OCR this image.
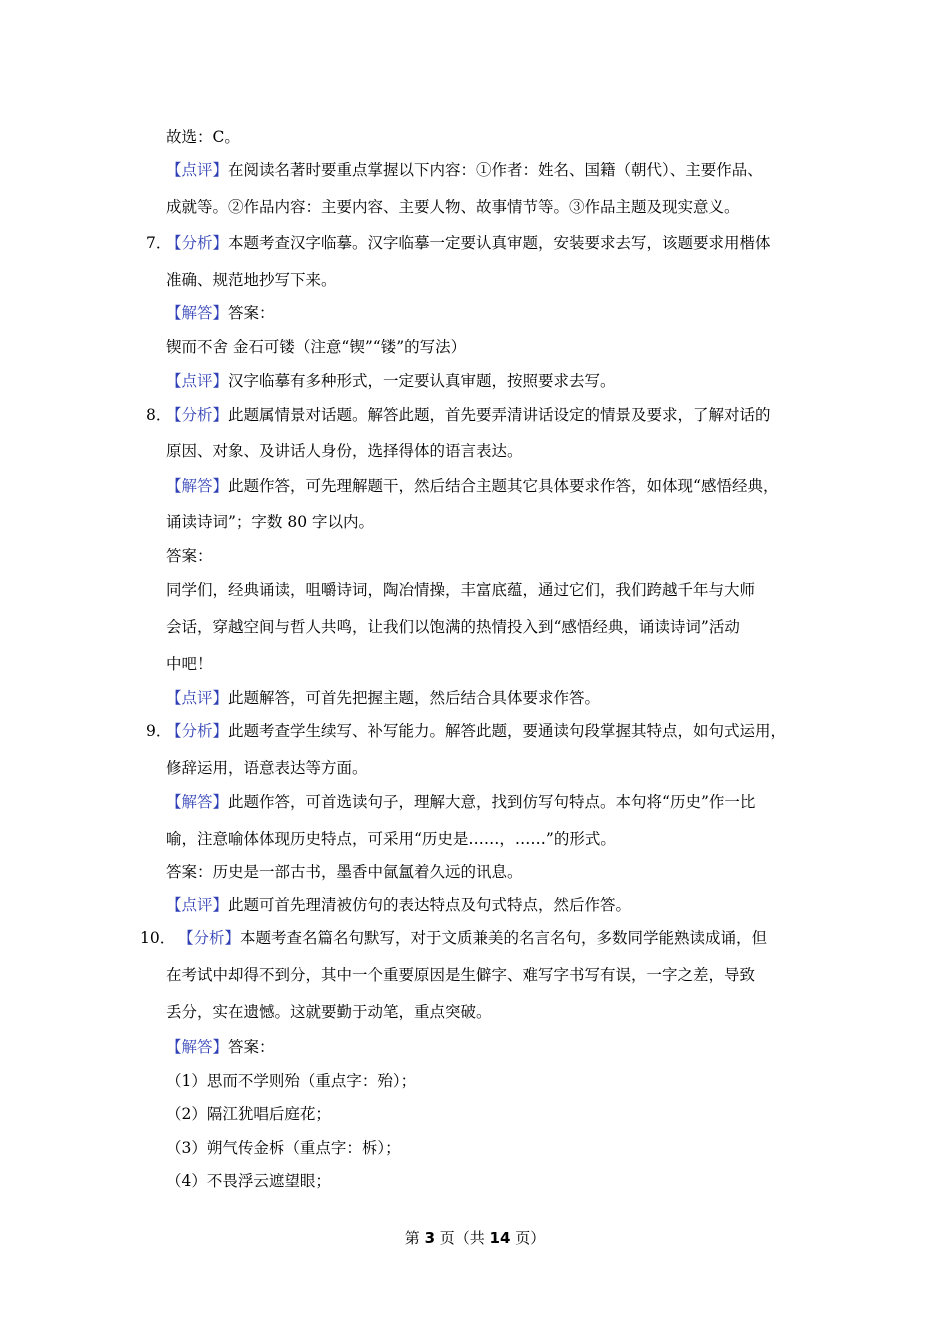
故选：C。
【点评】在阅读名著时要重点掌握以下内容：①作者：姓名、国籍（朝代）、主要作品、
成就等。②作品内容：主要内容、主要人物、故事情节等。③作品主题及现实意义。
7．
【分析】本题考查汉字临摹。汉字临摹一定要认真审题，安装要求去写，该题要求用楷体
准确、规范地抄写下来。
【解答】答案：
锲而不舍 金石可镂（注意“锲”“镂”的写法）
【点评】汉字临摹有多种形式，一定要认真审题，按照要求去写。
8．
【分析】此题属情景对话题。解答此题，首先要弄清讲话设定的情景及要求，了解对话的
原因、对象、及讲话人身份，选择得体的语言表达。
【解答】此题作答，可先理解题干，然后结合主题其它具体要求作答，如体现“感悟经典，
诵读诗词”；字数 80 字以内。
答案：
同学们，经典诵读，咀嚼诗词，陶冶情操，丰富底蕴，通过它们，我们跨越千年与大师
会话，穿越空间与哲人共鸣，让我们以饱满的热情投入到“感悟经典，诵读诗词”活动
中吧！
【点评】此题解答，可首先把握主题，然后结合具体要求作答。
9．
【分析】此题考查学生续写、补写能力。解答此题，要通读句段掌握其特点，如句式运用，
修辞运用，语意表达等方面。
【解答】此题作答，可首选读句子，理解大意，找到仿写句特点。本句将“历史”作一比
喻，注意喻体体现历史特点，可采用“历史是……，……”的形式。
答案：历史是一部古书，墨香中氤氲着久远的讯息。
【点评】此题可首先理清被仿句的表达特点及句式特点，然后作答。
10． 【分析】本题考查名篇名句默写，对于文质兼美的名言名句，多数同学能熟读成诵，但
在考试中却得不到分，其中一个重要原因是生僻字、难写字书写有误，一字之差，导致
丢分，实在遗憾。这就要勤于动笔，重点突破。
【解答】答案：
（1）思而不学则殆（重点字：殆）；
（2）隔江犹唱后庭花；
（3）朔气传金柝（重点字：柝）；
（4）不畏浮云遮望眼；
第 3 页（共 14 页）
